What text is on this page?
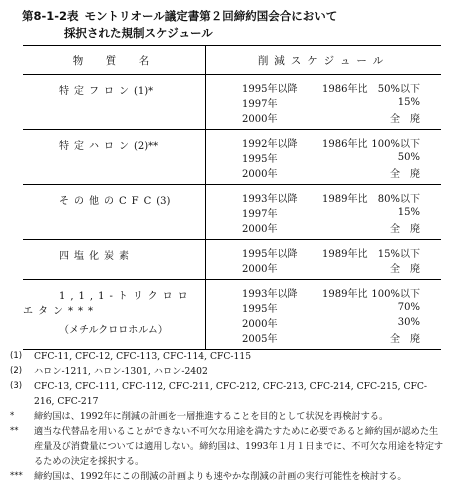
第8-1-2表 モントリオール議定書第２回締約国会合において
採択された規制スケジュール
物　質　名	削減スケジュール
特定フロン(1)*	1995年以降	1986年比	50%以下
1997年	15%
2000年	全　廃
特定ハロン(2)**	1992年以降	1986年比 100%以下
1995年	50%
2000年	全　廃
その他のCFC(3)	1993年以降	1989年比	80%以下
1997年	15%
2000年	全　廃
四塩化炭素	1995年以降	1989年比	15%以下
2000年	全　廃
1,1,1-トリクロロエタン***
（メチルクロロホルム）
1993年以降	1989年比 100%以下
1995年	70%
2000年	30%
2005年	全　廃
(1)	CFC-11, CFC-12, CFC-113, CFC-114, CFC-115
(2)	ハロン-1211, ハロン-1301, ハロン-2402
(3)	CFC-13, CFC-111, CFC-112, CFC-211, CFC-212, CFC-213, CFC-214, CFC-215, CFC-216, CFC-217
*	締約国は、1992年に削減の計画を一層推進することを目的として状況を再検討する。
**	適当な代替品を用いることができない不可欠な用途を満たすために必要であると締約国が認めた生産量及び消費量については適用しない。締約国は、1993年１月１日までに、不可欠な用途を特定するための決定を採択する。
***	締約国は、1992年にこの削減の計画よりも速やかな削減の計画の実行可能性を検討する。
